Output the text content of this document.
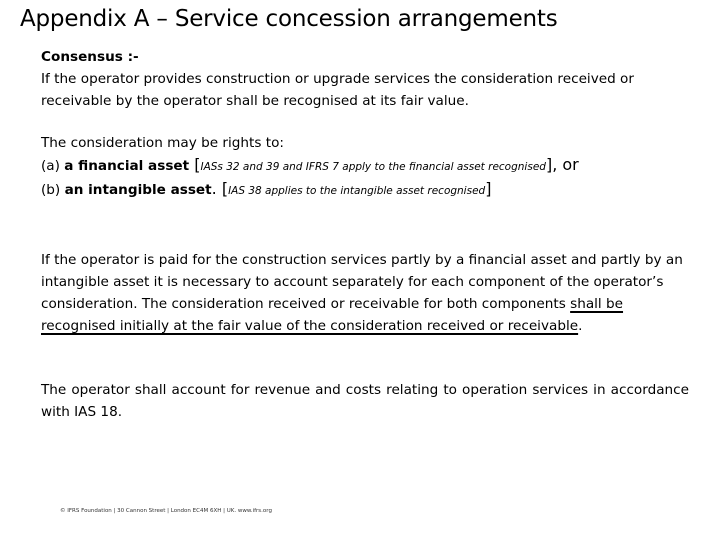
Appendix A – Service concession arrangements
Consensus :-
If the operator provides construction or upgrade services the consideration received or receivable by the operator shall be recognised at its fair value.
The consideration may be rights to:
(a) a financial asset [IASs 32 and 39 and IFRS 7 apply to the financial asset recognised], or
(b) an intangible asset. [IAS 38 applies to the intangible asset recognised]
If the operator is paid for the construction services partly by a financial asset and partly by an intangible asset it is necessary to account separately for each component of the operator’s consideration. The consideration received or receivable for both components shall be recognised initially at the fair value of the consideration received or receivable.
The operator shall account for revenue and costs relating to operation services in accordance with IAS 18.
© IFRS Foundation | 30 Cannon Street | London EC4M 6XH | UK. www.ifrs.org
